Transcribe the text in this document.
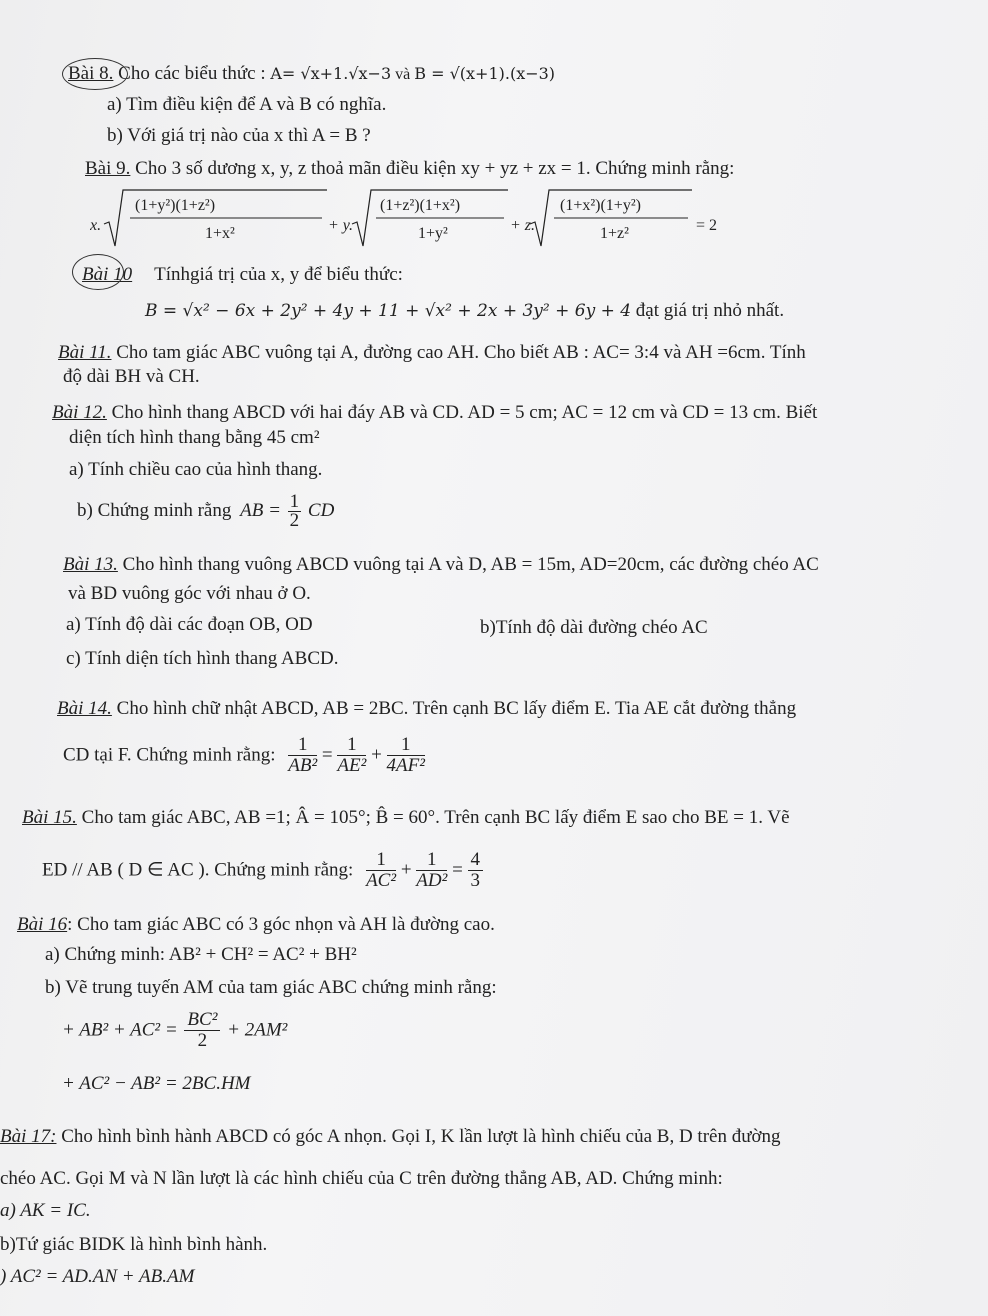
Bài 8. Cho các biểu thức : A= √x+1.√x−3 và B = √(x+1).(x−3)
a) Tìm điều kiện để A và B có nghĩa.
b) Với giá trị nào của x thì A = B ?
Bài 9. Cho 3 số dương x, y, z thoả mãn điều kiện xy + yz + zx = 1. Chứng minh rằng:
x.
(1+y²)(1+z²)
1+x²	+ y.
(1+z²)(1+x²)
1+y²	+ z.
(1+x²)(1+y²)
1+z²	= 2
Bài 10 Tínhgiá trị của x, y để biểu thức:
B = √x² − 6x + 2y² + 4y + 11 + √x² + 2x + 3y² + 6y + 4 đạt giá trị nhỏ nhất.
Bài 11. Cho tam giác ABC vuông tại A, đường cao AH. Cho biết AB : AC= 3:4 và AH =6cm. Tính
độ dài BH và CH.
Bài 12. Cho hình thang ABCD với hai đáy AB và CD. AD = 5 cm; AC = 12 cm và CD = 13 cm. Biết
diện tích hình thang bằng 45 cm²
a) Tính chiều cao của hình thang.
b) Chứng minh rằng AB = $\frac{1}{2}$ CD
Bài 13. Cho hình thang vuông ABCD vuông tại A và D, AB = 15m, AD=20cm, các đường chéo AC
và BD vuông góc với nhau ở O.
a) Tính độ dài các đoạn OB, OD	b)Tính độ dài đường chéo AC
c) Tính diện tích hình thang ABCD.
Bài 14. Cho hình chữ nhật ABCD, AB = 2BC. Trên cạnh BC lấy điểm E. Tia AE cắt đường thẳng
CD tại F. Chứng minh rằng: $\frac{1}{\text{AB²}} = \frac{1}{\text{AE²}} + \frac{1}{\text{4AF²}}$
Bài 15. Cho tam giác ABC, AB =1; Â = 105°; B̂ = 60°. Trên cạnh BC lấy điểm E sao cho BE = 1. Vẽ
ED // AB ( D ∈ AC ). Chứng minh rằng: $\frac{1}{\text{AC²}} + \frac{1}{\text{AD²}} = \frac{4}{3}$
Bài 16: Cho tam giác ABC có 3 góc nhọn và AH là đường cao.
a) Chứng minh: AB² + CH² = AC² + BH²
b) Vẽ trung tuyến AM của tam giác ABC chứng minh rằng:
+ $AB^2 + AC^2 = \frac{\text{BC²}}{2} + 2AM^2$
+ AC² − AB² = 2BC.HM
Bài 17: Cho hình bình hành ABCD có góc A nhọn. Gọi I, K lần lượt là hình chiếu của B, D trên đường
chéo AC. Gọi M và N lần lượt là các hình chiếu của C trên đường thẳng AB, AD. Chứng minh:
a) AK = IC.
b)Tứ giác BIDK là hình bình hành.
) AC² = AD.AN + AB.AM
